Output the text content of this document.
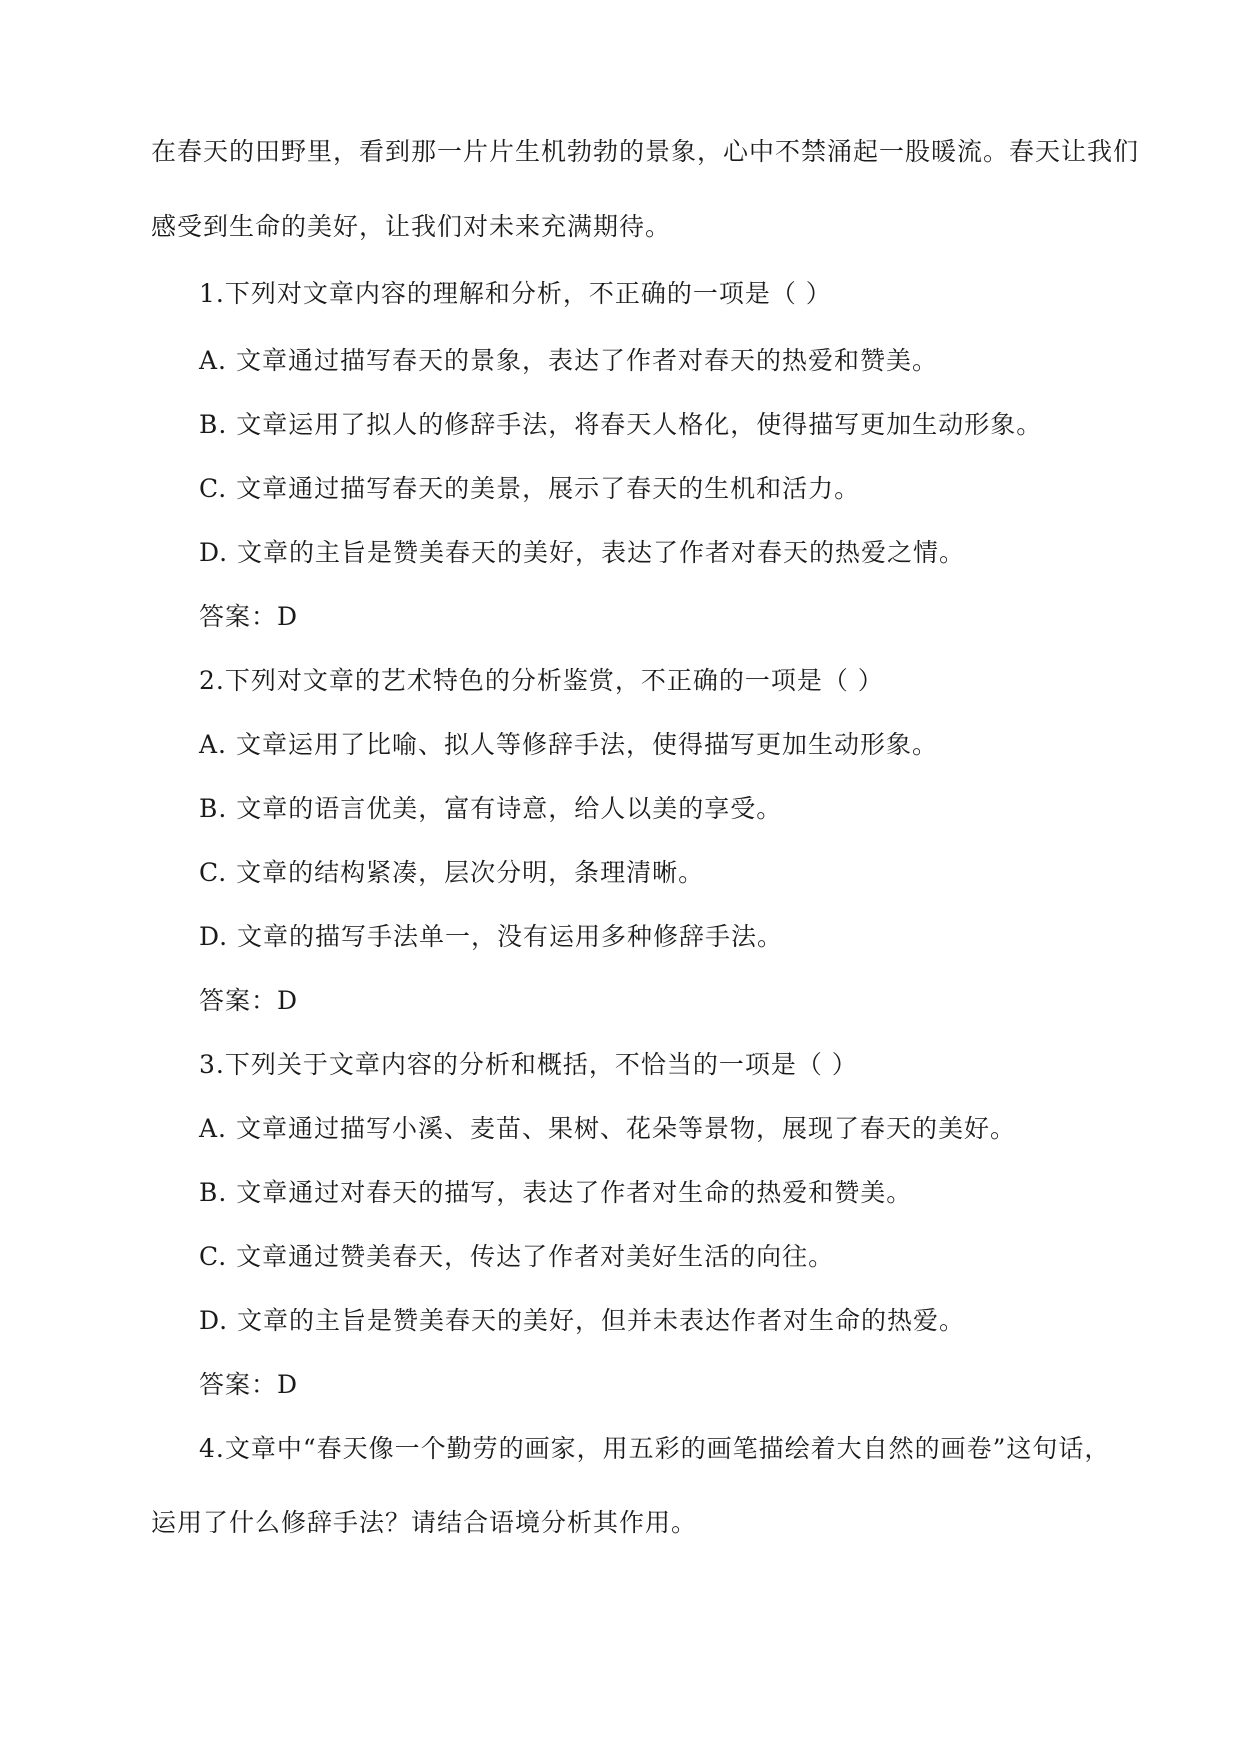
在春天的田野里，看到那一片片生机勃勃的景象，心中不禁涌起一股暖流。春天让我们
感受到生命的美好，让我们对未来充满期待。
1.下列对文章内容的理解和分析，不正确的一项是（ ）
A. 文章通过描写春天的景象，表达了作者对春天的热爱和赞美。
B. 文章运用了拟人的修辞手法，将春天人格化，使得描写更加生动形象。
C. 文章通过描写春天的美景，展示了春天的生机和活力。
D. 文章的主旨是赞美春天的美好，表达了作者对春天的热爱之情。
答案：D
2.下列对文章的艺术特色的分析鉴赏，不正确的一项是（ ）
A. 文章运用了比喻、拟人等修辞手法，使得描写更加生动形象。
B. 文章的语言优美，富有诗意，给人以美的享受。
C. 文章的结构紧凑，层次分明，条理清晰。
D. 文章的描写手法单一，没有运用多种修辞手法。
答案：D
3.下列关于文章内容的分析和概括，不恰当的一项是（ ）
A. 文章通过描写小溪、麦苗、果树、花朵等景物，展现了春天的美好。
B. 文章通过对春天的描写，表达了作者对生命的热爱和赞美。
C. 文章通过赞美春天，传达了作者对美好生活的向往。
D. 文章的主旨是赞美春天的美好，但并未表达作者对生命的热爱。
答案：D
4.文章中“春天像一个勤劳的画家，用五彩的画笔描绘着大自然的画卷”这句话，
运用了什么修辞手法？请结合语境分析其作用。
